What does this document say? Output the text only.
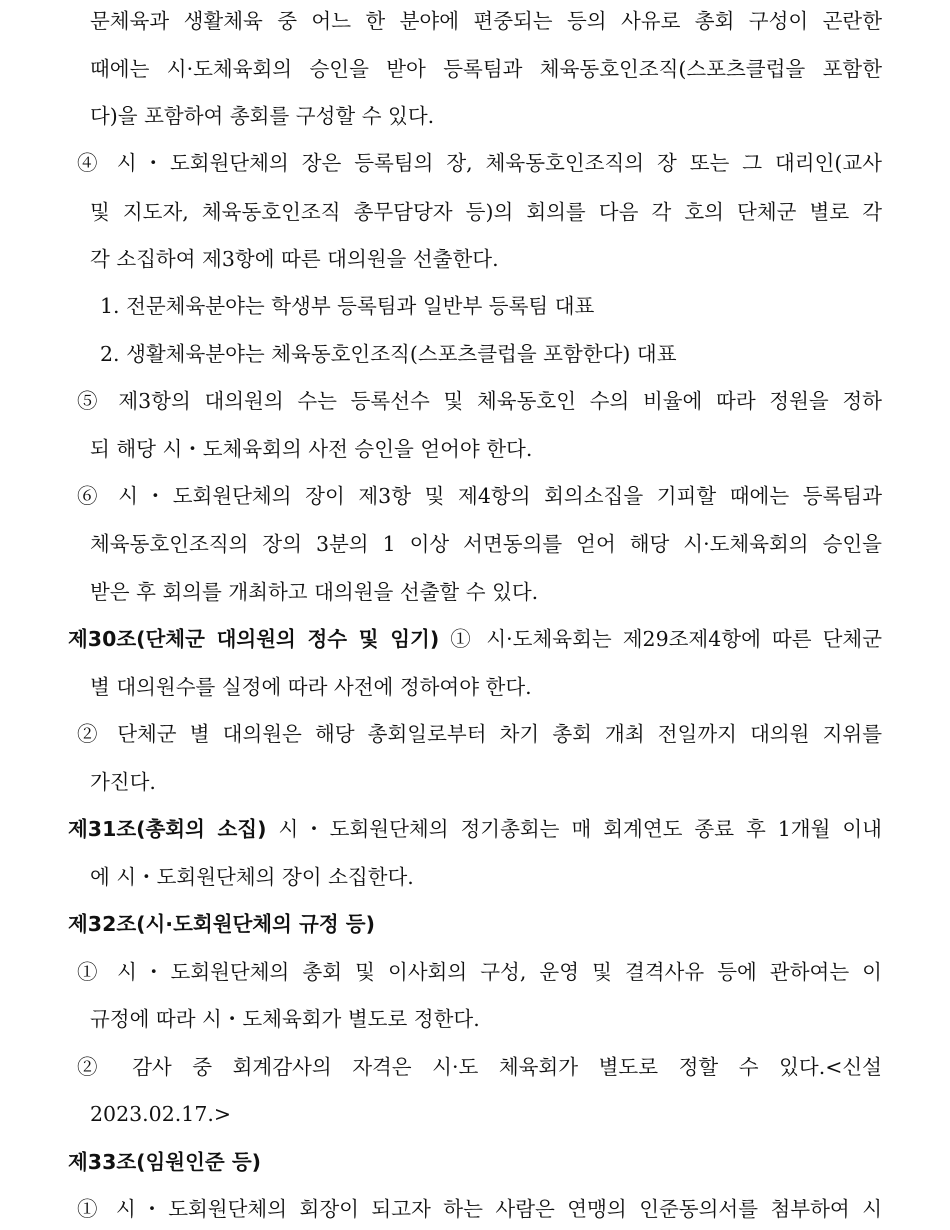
문체육과 생활체육 중 어느 한 분야에 편중되는 등의 사유로 총회 구성이 곤란한
때에는 시·도체육회의 승인을 받아 등록팀과 체육동호인조직(스포츠클럽을 포함한
다)을 포함하여 총회를 구성할 수 있다.
④ 시・도회원단체의 장은 등록팀의 장, 체육동호인조직의 장 또는 그 대리인(교사
및 지도자, 체육동호인조직 총무담당자 등)의 회의를 다음 각 호의 단체군 별로 각
각 소집하여 제3항에 따른 대의원을 선출한다.
1. 전문체육분야는 학생부 등록팀과 일반부 등록팀 대표
2. 생활체육분야는 체육동호인조직(스포츠클럽을 포함한다) 대표
⑤ 제3항의 대의원의 수는 등록선수 및 체육동호인 수의 비율에 따라 정원을 정하
되 해당 시・도체육회의 사전 승인을 얻어야 한다.
⑥ 시・도회원단체의 장이 제3항 및 제4항의 회의소집을 기피할 때에는 등록팀과
체육동호인조직의 장의 3분의 1 이상 서면동의를 얻어 해당 시·도체육회의 승인을
받은 후 회의를 개최하고 대의원을 선출할 수 있다.
제30조(단체군 대의원의 정수 및 임기) ① 시·도체육회는 제29조제4항에 따른 단체군
별 대의원수를 실정에 따라 사전에 정하여야 한다.
② 단체군 별 대의원은 해당 총회일로부터 차기 총회 개최 전일까지 대의원 지위를
가진다.
제31조(총회의 소집) 시・도회원단체의 정기총회는 매 회계연도 종료 후 1개월 이내
에 시・도회원단체의 장이 소집한다.
제32조(시·도회원단체의 규정 등)
① 시・도회원단체의 총회 및 이사회의 구성, 운영 및 결격사유 등에 관하여는 이
규정에 따라 시・도체육회가 별도로 정한다.
② 감사 중 회계감사의 자격은 시·도 체육회가 별도로 정할 수 있다.<신설
2023.02.17.>
제33조(임원인준 등)
① 시・도회원단체의 회장이 되고자 하는 사람은 연맹의 인준동의서를 첨부하여 시
